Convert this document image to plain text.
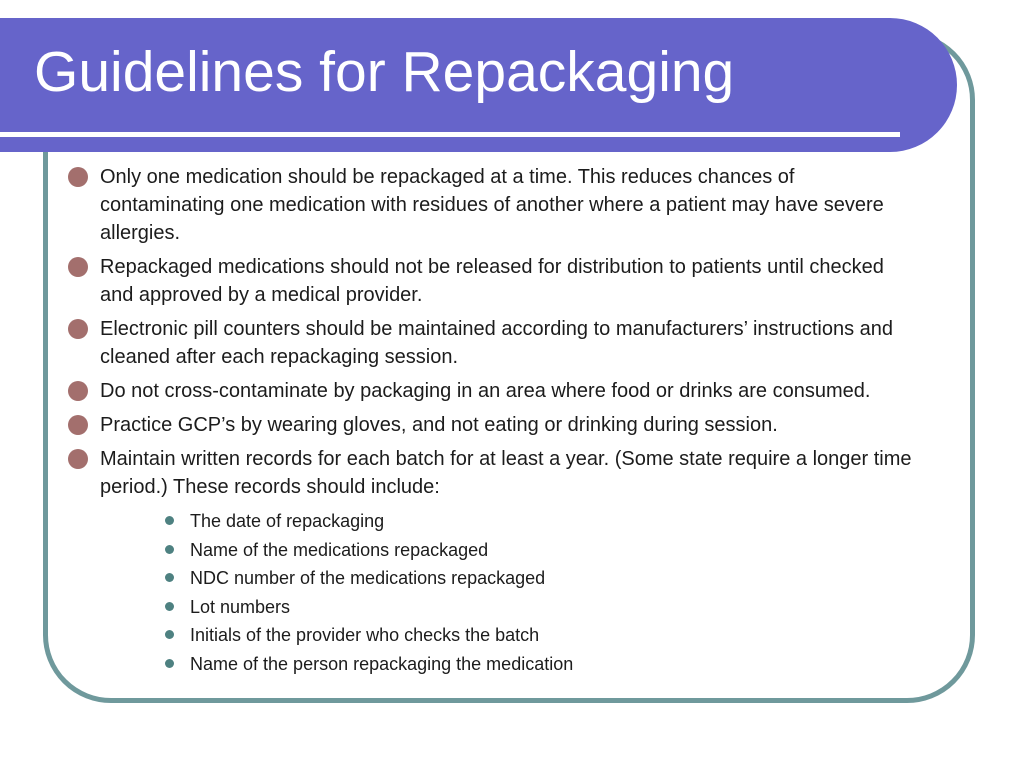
Guidelines for Repackaging
Only one medication should be repackaged at a time. This reduces chances of contaminating one medication with residues of another where a patient may have severe allergies.
Repackaged medications should not be released for distribution to patients until checked and approved by a medical provider.
Electronic pill counters should be maintained according to manufacturers’ instructions and cleaned after each repackaging session.
Do not cross-contaminate by packaging in an area where food or drinks are consumed.
Practice GCP’s by wearing gloves, and not eating or drinking during session.
Maintain written records for each batch for at least a year. (Some state require a longer time period.) These records should include:
The date of repackaging
Name of the medications repackaged
NDC number of the medications repackaged
Lot numbers
Initials of the provider who checks the batch
Name of the person repackaging the medication
